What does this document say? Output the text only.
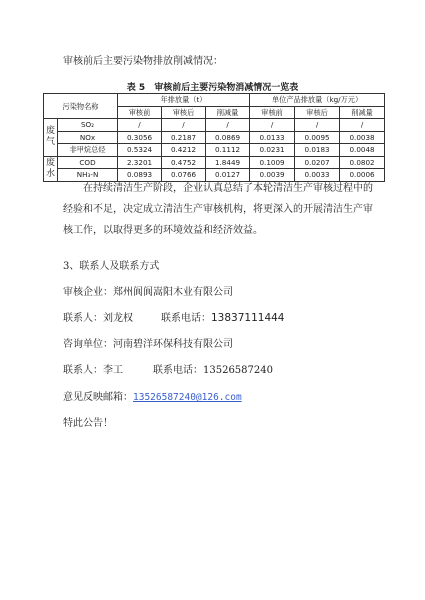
审核前后主要污染物排放削减情况：
表 5　审核前后主要污染物消减情况一览表
污染物名称		年排放量（t）			单位产品排放量（kg/万元）		
		审核前	审核后	削减量	审核前	审核后	削减量
废气	SO₂	/	/	/	/	/	/
	NOx	0.3056	0.2187	0.0869	0.0133	0.0095	0.0038
	非甲烷总烃	0.5324	0.4212	0.1112	0.0231	0.0183	0.0048
废水	COD	2.3201	0.4752	1.8449	0.1009	0.0207	0.0802
	NH₃-N	0.0893	0.0766	0.0127	0.0039	0.0033	0.0006
在持续清洁生产阶段，企业认真总结了本轮清洁生产审核过程中的
经验和不足，决定成立清洁生产审核机构，将更深入的开展清洁生产审
核工作，以取得更多的环境效益和经济效益。
3、联系人及联系方式
审核企业：郑州阆阆嵩阳木业有限公司
联系人：刘龙权	联系电话：13837111444
咨询单位：河南碧洋环保科技有限公司
联系人：李工	联系电话：13526587240
意见反映邮箱：13526587240@126.com
特此公告！
